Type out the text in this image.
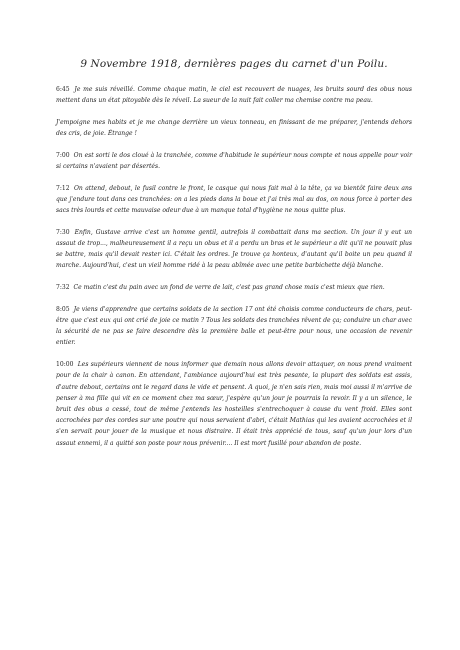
9 Novembre 1918, dernières pages du carnet d'un Poilu.

6:45 Je me suis réveillé. Comme chaque matin, le ciel est recouvert de nuages, les bruits sourd des obus nous mettent dans un état pitoyable dès le réveil. La sueur de la nuit fait coller ma chemise contre ma peau.

J'empoigne mes habits et je me change derrière un vieux tonneau, en finissant de me préparer, j'entends dehors des cris, de joie. Étrange !

7:00 On est sorti le dos cloué à la tranchée, comme d'habitude le supérieur nous compte et nous appelle pour voir si certains n'avaient par désertés.

7:12 On attend, debout, le fusil contre le front, le casque qui nous fait mal à la tête, ça va bientôt faire deux ans que j'endure tout dans ces tranchées: on a les pieds dans la boue et j'ai très mal au dos, on nous force à porter des sacs très lourds et cette mauvaise odeur due à un manque total d'hygiène ne nous quitte plus.

7:30 Enfin, Gustave arrive c'est un homme gentil, autrefois il combattait dans ma section. Un jour il y eut un assaut de trop..., malheureusement il a reçu un obus et il a perdu un bras et le supérieur a dit qu'il ne pouvait plus se battre, mais qu'il devait rester ici. C'était les ordres. Je trouve ça honteux, d'autant qu'il boite un peu quand il marche. Aujourd'hui, c'est un vieil homme ridé à la peau abîmée avec une petite barbichette déjà blanche.

7:32 Ce matin c'est du pain avec un fond de verre de lait, c'est pas grand chose mais c'est mieux que rien.

8:05 Je viens d'apprendre que certains soldats de la section 17 ont été choisis comme conducteurs de chars, peut-être que c'est eux qui ont crié de joie ce matin ? Tous les soldats des tranchées rêvent de ça; conduire un char avec la sécurité de ne pas se faire descendre dès la première balle et peut-être pour nous, une occasion de revenir entier.

10:00 Les supérieurs viennent de nous informer que demain nous allons devoir attaquer, on nous prend vraiment pour de la chair à canon. En attendant, l'ambiance aujourd'hui est très pesante, la plupart des soldats est assis, d'autre debout, certains ont le regard dans le vide et pensent. A quoi, je n'en sais rien, mais moi aussi il m'arrive de penser à ma fille qui vit en ce moment chez ma sœur, j'espère qu'un jour je pourrais la revoir. Il y a un silence, le bruit des obus a cessé, tout de même j'entends les hosteilles s'entrechoquer à cause du vent froid. Elles sont accrochées par des cordes sur une poutre qui nous servaient d'abri, c'était Mathias qui les avaient accrochées et il s'en servait pour jouer de la musique et nous distraire. Il était très apprécié de tous, sauf qu'un jour lors d'un assaut ennemi, il a quitté son poste pour nous prévenir.... Il est mort fusillé pour abandon de poste.
